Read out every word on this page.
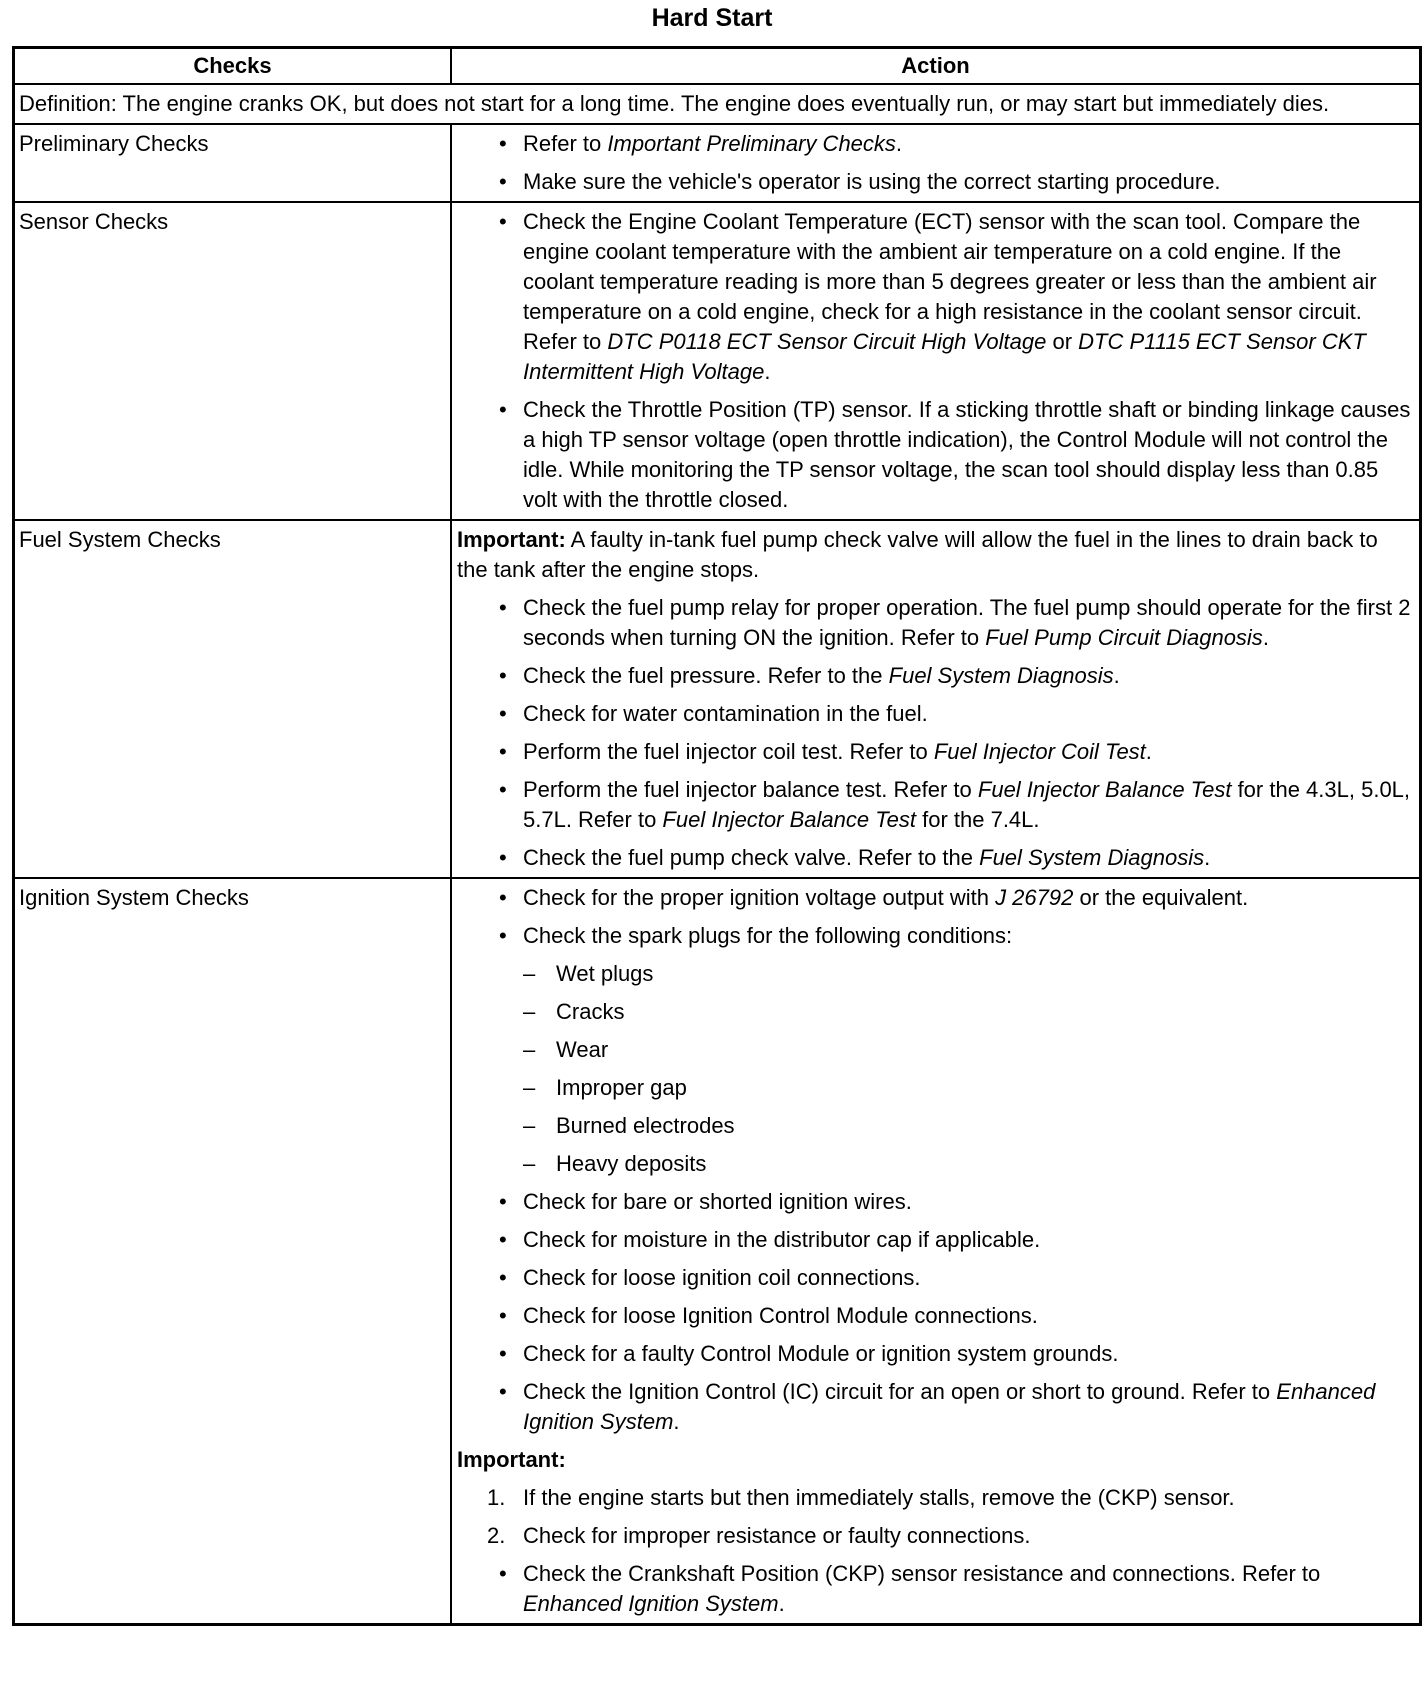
Hard Start
Checks	Action
Definition: The engine cranks OK, but does not start for a long time. The engine does eventually run, or may start but immediately dies.
Preliminary Checks	• Refer to Important Preliminary Checks.
• Make sure the vehicle's operator is using the correct starting procedure.
Sensor Checks	• Check the Engine Coolant Temperature (ECT) sensor with the scan tool. Compare the engine coolant temperature with the ambient air temperature on a cold engine. If the coolant temperature reading is more than 5 degrees greater or less than the ambient air temperature on a cold engine, check for a high resistance in the coolant sensor circuit. Refer to DTC P0118 ECT Sensor Circuit High Voltage or DTC P1115 ECT Sensor CKT Intermittent High Voltage.
• Check the Throttle Position (TP) sensor. If a sticking throttle shaft or binding linkage causes a high TP sensor voltage (open throttle indication), the Control Module will not control the idle. While monitoring the TP sensor voltage, the scan tool should display less than 0.85 volt with the throttle closed.
Fuel System Checks	Important: A faulty in-tank fuel pump check valve will allow the fuel in the lines to drain back to the tank after the engine stops.
• Check the fuel pump relay for proper operation. The fuel pump should operate for the first 2 seconds when turning ON the ignition. Refer to Fuel Pump Circuit Diagnosis.
• Check the fuel pressure. Refer to the Fuel System Diagnosis.
• Check for water contamination in the fuel.
• Perform the fuel injector coil test. Refer to Fuel Injector Coil Test.
• Perform the fuel injector balance test. Refer to Fuel Injector Balance Test for the 4.3L, 5.0L, 5.7L. Refer to Fuel Injector Balance Test for the 7.4L.
• Check the fuel pump check valve. Refer to the Fuel System Diagnosis.
Ignition System Checks	• Check for the proper ignition voltage output with J 26792 or the equivalent.
• Check the spark plugs for the following conditions:
– Wet plugs
– Cracks
– Wear
– Improper gap
– Burned electrodes
– Heavy deposits
• Check for bare or shorted ignition wires.
• Check for moisture in the distributor cap if applicable.
• Check for loose ignition coil connections.
• Check for loose Ignition Control Module connections.
• Check for a faulty Control Module or ignition system grounds.
• Check the Ignition Control (IC) circuit for an open or short to ground. Refer to Enhanced Ignition System.
Important:
1. If the engine starts but then immediately stalls, remove the (CKP) sensor.
2. Check for improper resistance or faulty connections.
• Check the Crankshaft Position (CKP) sensor resistance and connections. Refer to Enhanced Ignition System.
